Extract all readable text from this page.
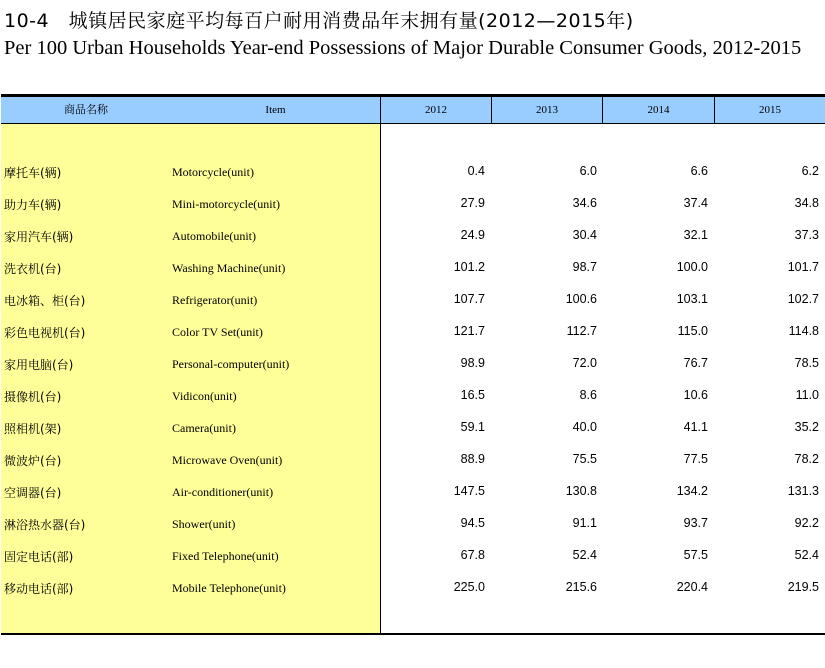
10-4　城镇居民家庭平均每百户耐用消费品年末拥有量(2012—2015年)
Per 100 Urban Households Year-end Possessions of Major Durable Consumer Goods, 2012-2015
商品名称	Item	2012	2013	2014	2015
摩托车(辆)	Motorcycle(unit)	0.4	6.0	6.6	6.2
助力车(辆)	Mini-motorcycle(unit)	27.9	34.6	37.4	34.8
家用汽车(辆)	Automobile(unit)	24.9	30.4	32.1	37.3
洗衣机(台)	Washing Machine(unit)	101.2	98.7	100.0	101.7
电冰箱、柜(台)	Refrigerator(unit)	107.7	100.6	103.1	102.7
彩色电视机(台)	Color TV Set(unit)	121.7	112.7	115.0	114.8
家用电脑(台)	Personal-computer(unit)	98.9	72.0	76.7	78.5
摄像机(台)	Vidicon(unit)	16.5	8.6	10.6	11.0
照相机(架)	Camera(unit)	59.1	40.0	41.1	35.2
微波炉(台)	Microwave Oven(unit)	88.9	75.5	77.5	78.2
空调器(台)	Air-conditioner(unit)	147.5	130.8	134.2	131.3
淋浴热水器(台)	Shower(unit)	94.5	91.1	93.7	92.2
固定电话(部)	Fixed Telephone(unit)	67.8	52.4	57.5	52.4
移动电话(部)	Mobile Telephone(unit)	225.0	215.6	220.4	219.5
